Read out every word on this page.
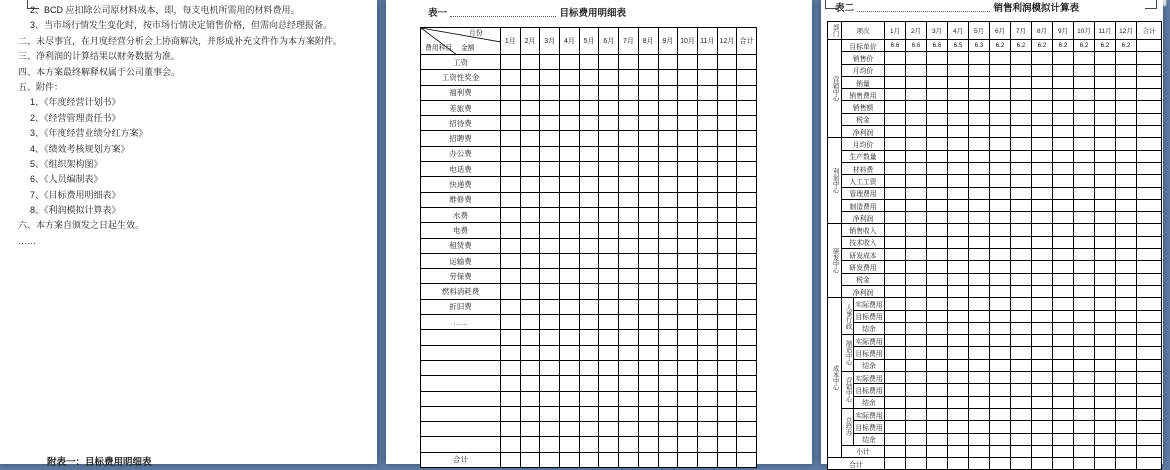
2、BCD 应扣除公司原材料成本，即，每支电机所需用的材料费用。
3、当市场行情发生变化时，按市场行情决定销售价格，但需向总经理报备。
二、未尽事宜，在月度经营分析会上协商解决，并形成补充文件作为本方案附件。
三、净利润的计算结果以财务数据为准。
四、本方案最终解释权属于公司董事会。
五、附件：
1、《年度经营计划书》
2、《经营管理责任书》
3、《年度经营业绩分红方案》
4、《绩效考核规划方案》
5、《组织架构图》
6、《人员编制表》
7、《目标费用明细表》
8、《利润模拟计算表》
六、本方案自颁发之日起生效。
……
附表一：目标费用明细表
表一	目标费用明细表
月份
金额
费用科目	1月	2月	3月	4月	5月	6月	7月	8月	9月	10月	11月	12月	合计
工资													
工资性奖金													
福利费													
差旅费													
招待费													
招聘费													
办公费													
电话费													
快递费													
维修费													
水费													
电费													
租赁费													
运输费													
劳保费													
燃料消耗费													
折旧费													
……													

合计													
表二	销售利润模拟计算表
部门	项次		1月	2月	3月	4月	5月	6月	7月	8月	9月	10月	11月	12月	合计
营销中心	目标单价		6.6	6.6	6.6	6.5	6.3	6.2	6.2	6.2	6.2	6.2	6.2	6.2	
	销售价														
	月均价														
	销量														
	销售费用														
	销售额														
	税金														
	净利润														
利润中心	月均价														
	生产数量														
	材料费														
	人工工资														
	管理费用														
	制造费用														
	净利润														
研发中心	销售收入														
	技术收入														
	研发成本														
	研发费用														
	税金														
	净利润														
成本中心	人事行政	实际费用													
		目标费用													
		结余													
	制造中心	实际费用													
		目标费用													
		结余													
	营销中心	实际费用													
		目标费用													
		结余													
	总经办	实际费用													
		目标费用													
		结余													
	小计														
合计															
